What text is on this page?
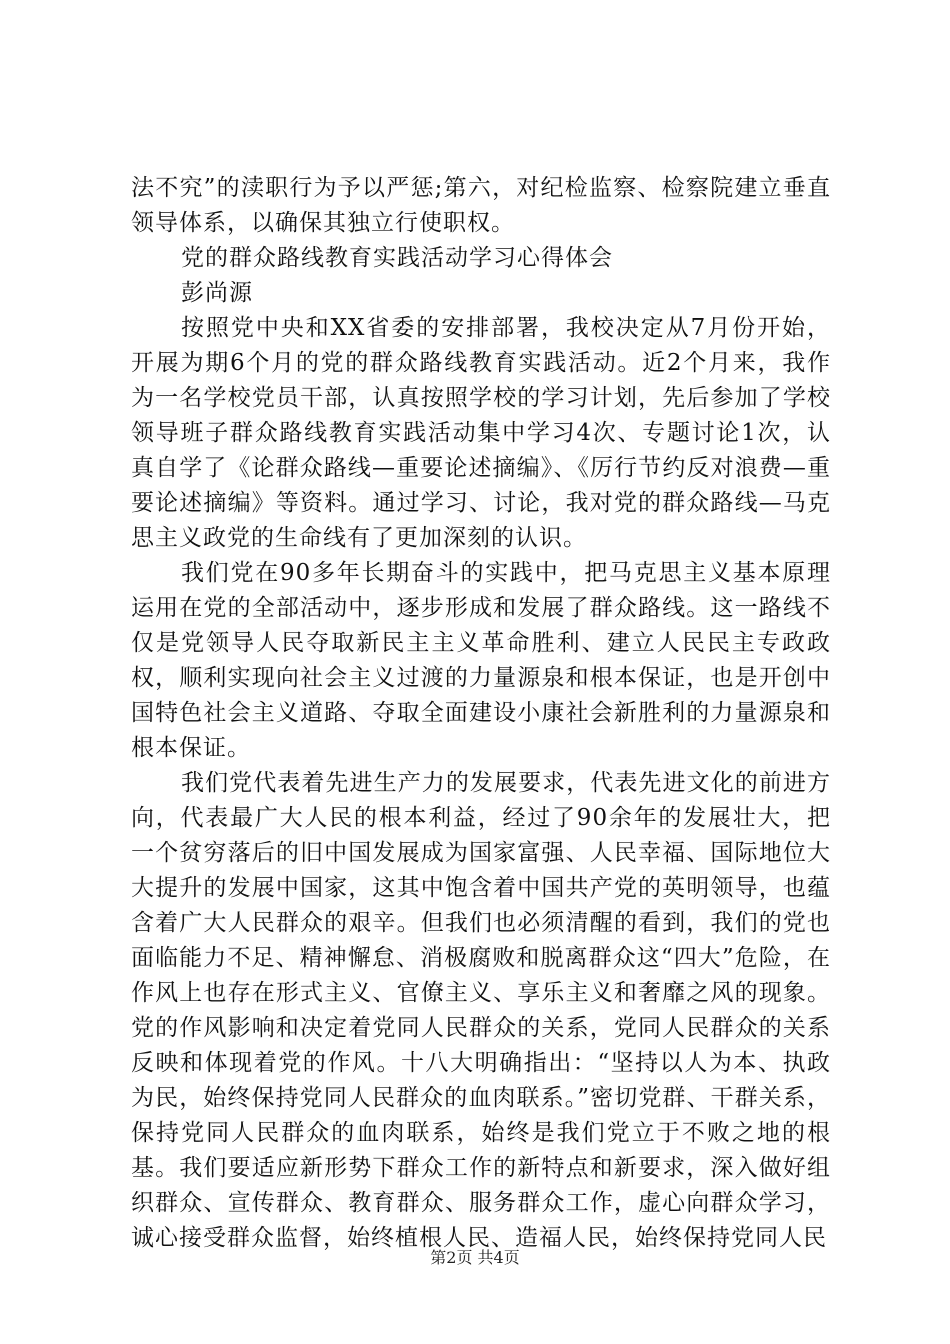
法不究”的渎职行为予以严惩;第六，对纪检监察、检察院建立垂直领导体系，以确保其独立行使职权。

党的群众路线教育实践活动学习心得体会

彭尚源

按照党中央和XX省委的安排部署，我校决定从7月份开始，开展为期6个月的党的群众路线教育实践活动。近2个月来，我作为一名学校党员干部，认真按照学校的学习计划，先后参加了学校领导班子群众路线教育实践活动集中学习4次、专题讨论1次，认真自学了《论群众路线—重要论述摘编》、《厉行节约反对浪费—重要论述摘编》等资料。通过学习、讨论，我对党的群众路线—马克思主义政党的生命线有了更加深刻的认识。

我们党在90多年长期奋斗的实践中，把马克思主义基本原理运用在党的全部活动中，逐步形成和发展了群众路线。这一路线不仅是党领导人民夺取新民主主义革命胜利、建立人民民主专政政权，顺利实现向社会主义过渡的力量源泉和根本保证，也是开创中国特色社会主义道路、夺取全面建设小康社会新胜利的力量源泉和根本保证。

我们党代表着先进生产力的发展要求，代表先进文化的前进方向，代表最广大人民的根本利益，经过了90余年的发展壮大，把一个贫穷落后的旧中国发展成为国家富强、人民幸福、国际地位大大提升的发展中国家，这其中饱含着中国共产党的英明领导，也蕴含着广大人民群众的艰辛。但我们也必须清醒的看到，我们的党也面临能力不足、精神懈怠、消极腐败和脱离群众这“四大”危险，在作风上也存在形式主义、官僚主义、享乐主义和奢靡之风的现象。党的作风影响和决定着党同人民群众的关系，党同人民群众的关系反映和体现着党的作风。十八大明确指出：“坚持以人为本、执政为民，始终保持党同人民群众的血肉联系。”密切党群、干群关系，保持党同人民群众的血肉联系，始终是我们党立于不败之地的根基。我们要适应新形势下群众工作的新特点和新要求，深入做好组织群众、宣传群众、教育群众、服务群众工作，虚心向群众学习，诚心接受群众监督，始终植根人民、造福人民，始终保持党同人民

第2页 共4页
